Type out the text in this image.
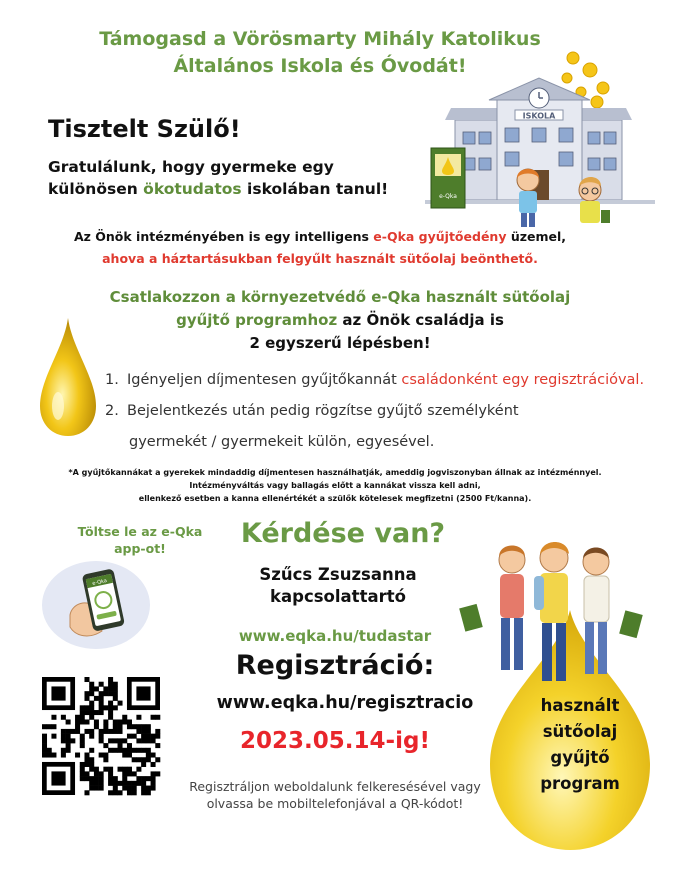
Támogasd a Vörösmarty Mihály Katolikus
Általános Iskola és Óvodát!
Tisztelt Szülő!
Gratulálunk, hogy gyermeke egy
különösen ökotudatos iskolában tanul!
Az Önök intézményében is egy intelligens e-Qka gyűjtőedény üzemel,
ahova a háztartásukban felgyűlt használt sütőolaj beönthető.
Csatlakozzon a környezetvédő e-Qka használt sütőolaj
gyűjtő programhoz az Önök családja is
2 egyszerű lépésben!
1. Igényeljen díjmentesen gyűjtőkannát családonként egy regisztrációval.
2. Bejelentkezés után pedig rögzítse gyűjtő személyként
gyermekét / gyermekeit külön, egyesével.
*A gyűjtőkannákat a gyerekek mindaddig díjmentesen használhatják, ameddig jogviszonyban állnak az intézménnyel.
Intézményváltás vagy ballagás előtt a kannákat vissza kell adni,
ellenkező esetben a kanna ellenértékét a szülők kötelesek megfizetni (2500 Ft/kanna).
ISKOLA
e-Qka
Töltse le az e-Qka
app-ot!
e-Qka
Kérdése van?
Szűcs Zsuzsanna
kapcsolattartó
www.eqka.hu/tudastar
Regisztráció:
www.eqka.hu/regisztracio
2023.05.14-ig!
Regisztráljon weboldalunk felkeresésével vagy
olvassa be mobiltelefonjával a QR-kódot!
használt
sütőolaj
gyűjtő
program
